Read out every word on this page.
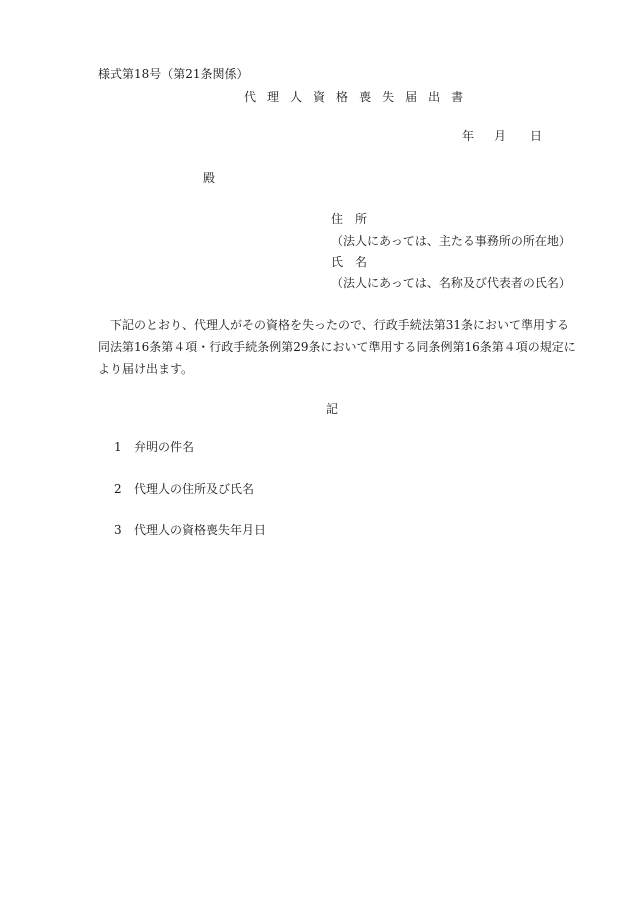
様式第18号（第21条関係）
代 理 人 資 格 喪 失 届 出 書
年 月 日
殿
住　所
（法人にあっては、主たる事務所の所在地）
氏　名
（法人にあっては、名称及び代表者の氏名）

　下記のとおり、代理人がその資格を失ったので、行政手続法第31条において準用する
同法第16条第４項・行政手続条例第29条において準用する同条例第16条第４項の規定に
より届け出ます。

記
1 弁明の件名
2 代理人の住所及び氏名
3 代理人の資格喪失年月日
